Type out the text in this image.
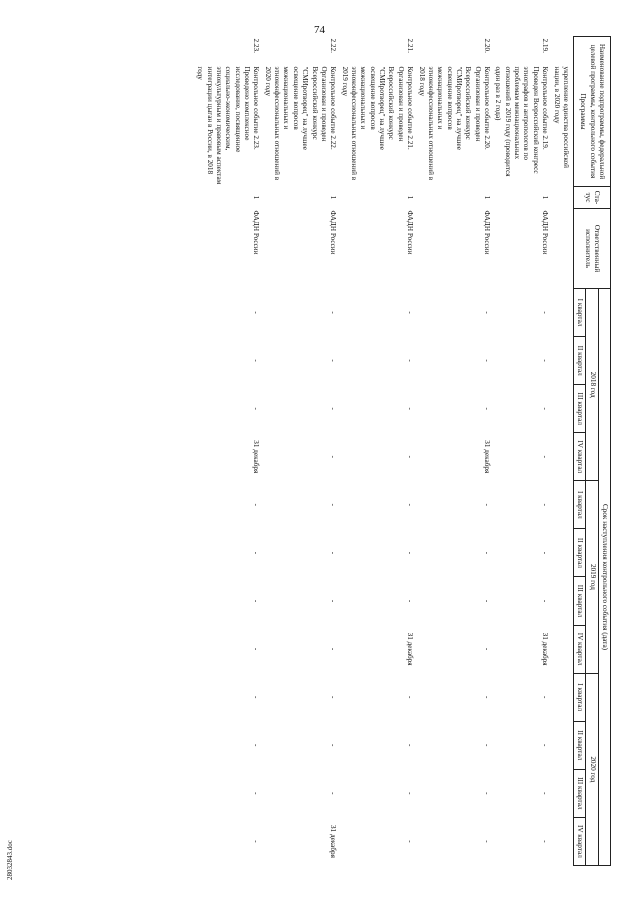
74
28032843.doc
Наименование подпрограммы, федеральной целевой программы, контрольного события Программы		Ста-тус	Ответственный исполнитель	Срок наступления контрольного события (дата)											
				2018 год				2019 год				2020 год			
				I квартал	II квартал	III квартал	IV квартал	I квартал	II квартал	III квартал	IV квартал	I квартал	II квартал	III квартал	IV квартал
	укрепление единства российской нации, в 2020 году														
2.19.	Контрольное событие 2.19.
Проведен Всероссийский конгресс этнографов и антропологов по проблемам межнациональных отношений в 2019 году (проводится один раз в 2 года)	1	ФАДН России	-	-	-	-	-	-	-	31 декабря	-	-	-	-
2.20.	Контрольное событие 2.20.
Организован и проведен Всероссийский конкурс "СМИротворец" на лучшее освещение вопросов межнациональных и этноконфессиональных отношений в 2018 году	1	ФАДН России	-	-	-	31 декабря	-	-	-	-	-	-	-	-
2.21.	Контрольное событие 2.21.
Организован и проведен Всероссийский конкурс "СМИротворец" на лучшее освещение вопросов межнациональных и этноконфессиональных отношений в 2019 году	1	ФАДН России	-	-	-	-	-	-	-	31 декабря	-	-	-	-
2.22.	Контрольное событие 2.22.
Организован и проведен Всероссийский конкурс "СМИротворец" на лучшее освещение вопросов межнациональных и этноконфессиональных отношений в 2020 году	1	ФАДН России	-	-	-	-	-	-	-	-	-	-	-	31 декабря
2.23.	Контрольное событие 2.23.
Проведено комплексное исследование, посвященное социально-экономическим, этнокультурным и правовым аспектам интеграции цыган в России, в 2018 году	1	ФАДН России	-	-	-	31 декабря	-	-	-	-	-	-	-	-
